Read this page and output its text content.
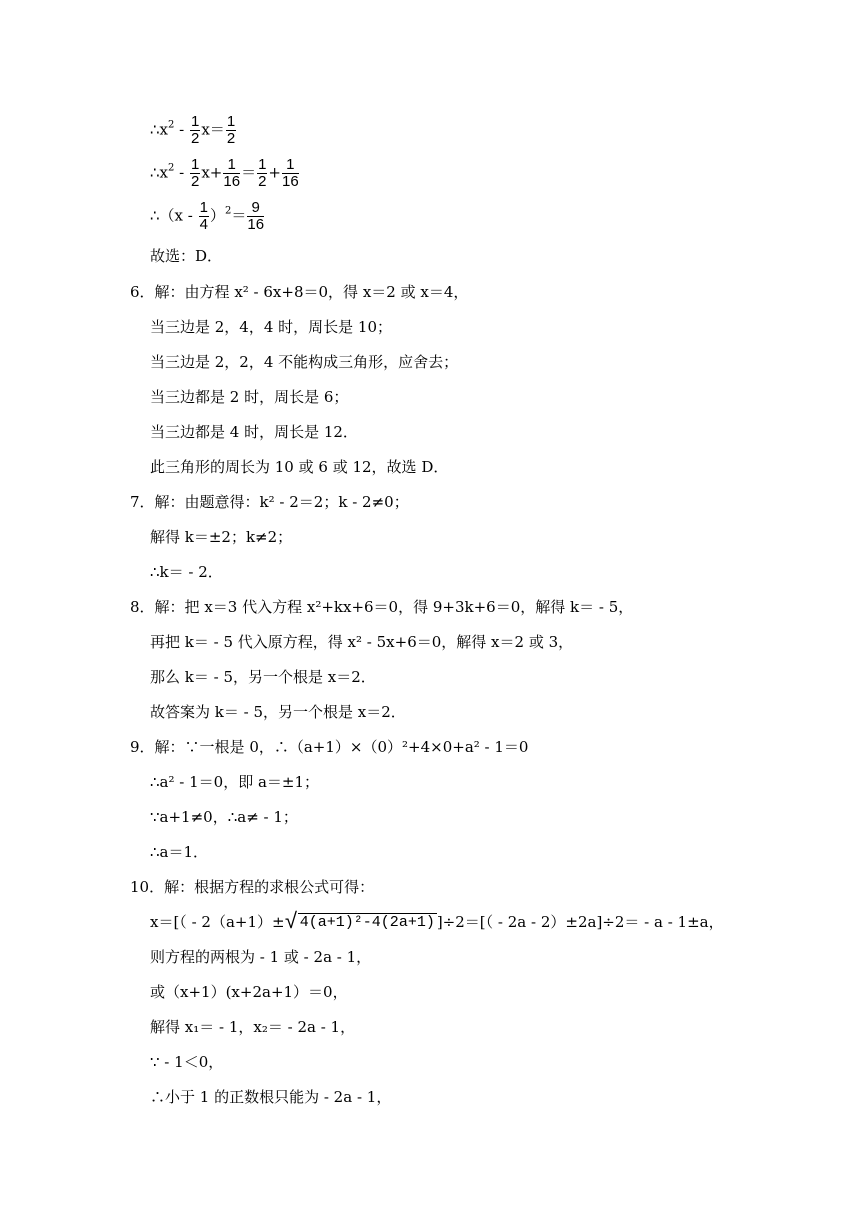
$\therefore x^2 - \frac{1}{2} x= \frac{1}{2}$
$\therefore x^2 - \frac{1}{2} x+ \frac{1}{16} = \frac{1}{2} + \frac{1}{16}$
∴（x - $\frac{1}{4} )^2= \frac{9}{16}$
故选：D．
6．解：由方程 x² - 6x+8＝0，得 x＝2 或 x＝4，
当三边是 2，4，4 时，周长是 10；
当三边是 2，2，4 不能构成三角形，应舍去；
当三边都是 2 时，周长是 6；
当三边都是 4 时，周长是 12．
此三角形的周长为 10 或 6 或 12，故选 D．
7．解：由题意得：k² - 2＝2；k - 2≠0；
解得 k＝±2；k≠2；
∴k＝ - 2．
8．解：把 x＝3 代入方程 x²+kx+6＝0，得 9+3k+6＝0，解得 k＝ - 5，
再把 k＝ - 5 代入原方程，得 x² - 5x+6＝0，解得 x＝2 或 3，
那么 k＝ - 5，另一个根是 x＝2．
故答案为 k＝ - 5，另一个根是 x＝2．
9．解：∵一根是 0，∴（a+1）×（0）²+4×0+a² - 1＝0
∴a² - 1＝0，即 a＝±1；
∵a+1≠0，∴a≠ - 1；
∴a＝1．
10．解：根据方程的求根公式可得：
x＝[（ - 2（a+1）±√ 4(a+1)²-4(2a+1) ]÷2＝[（ - 2a - 2）±2a]÷2＝ - a - 1±a，
则方程的两根为 - 1 或 - 2a - 1，
或（x+1）(x+2a+1）＝0，
解得 x₁＝ - 1，x₂＝ - 2a - 1，
∵ - 1＜0，
∴小于 1 的正数根只能为 - 2a - 1，
